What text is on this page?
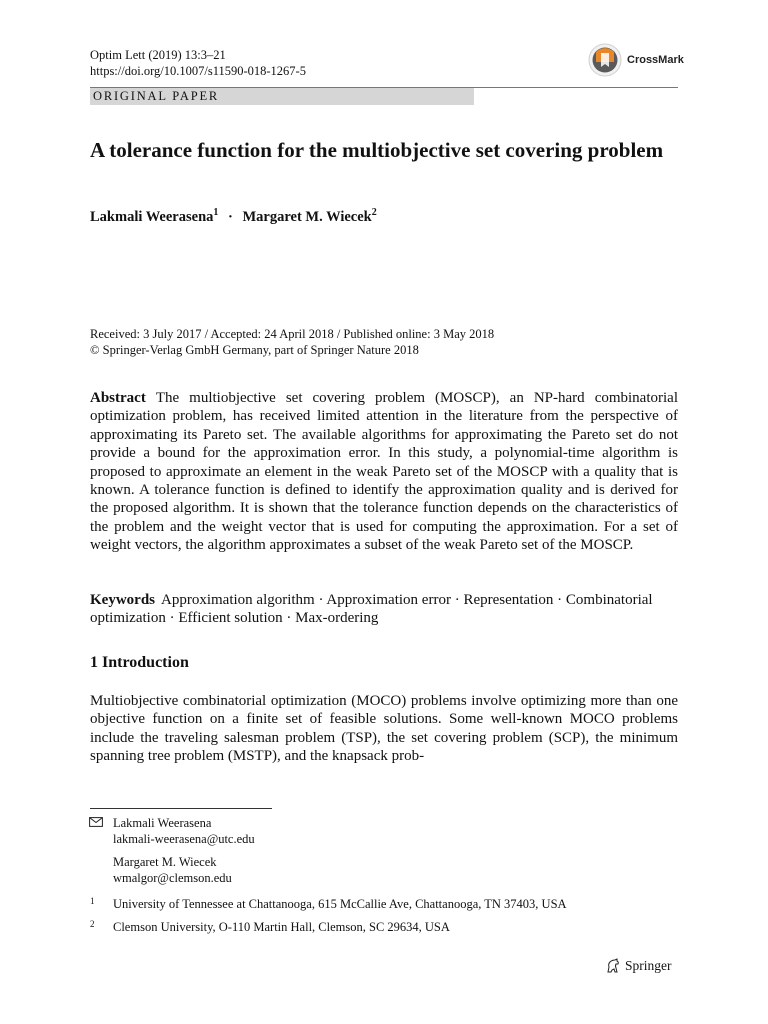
Optim Lett (2019) 13:3–21
https://doi.org/10.1007/s11590-018-1267-5
CrossMark
ORIGINAL PAPER
A tolerance function for the multiobjective set covering problem
Lakmali Weerasena$^1$ · Margaret M. Wiecek$^2$
Received: 3 July 2017 / Accepted: 24 April 2018 / Published online: 3 May 2018
© Springer-Verlag GmbH Germany, part of Springer Nature 2018
Abstract The multiobjective set covering problem (MOSCP), an NP-hard combinatorial optimization problem, has received limited attention in the literature from the perspective of approximating its Pareto set. The available algorithms for approximating the Pareto set do not provide a bound for the approximation error. In this study, a polynomial-time algorithm is proposed to approximate an element in the weak Pareto set of the MOSCP with a quality that is known. A tolerance function is defined to identify the approximation quality and is derived for the proposed algorithm. It is shown that the tolerance function depends on the characteristics of the problem and the weight vector that is used for computing the approximation. For a set of weight vectors, the algorithm approximates a subset of the weak Pareto set of the MOSCP.
Keywords Approximation algorithm · Approximation error · Representation · Combinatorial optimization · Efficient solution · Max-ordering
1 Introduction
Multiobjective combinatorial optimization (MOCO) problems involve optimizing more than one objective function on a finite set of feasible solutions. Some well-known MOCO problems include the traveling salesman problem (TSP), the set covering problem (SCP), the minimum spanning tree problem (MSTP), and the knapsack prob-
Lakmali Weerasena
lakmali-weerasena@utc.edu
Margaret M. Wiecek
wmalgor@clemson.edu
1 University of Tennessee at Chattanooga, 615 McCallie Ave, Chattanooga, TN 37403, USA
2 Clemson University, O-110 Martin Hall, Clemson, SC 29634, USA
Springer
